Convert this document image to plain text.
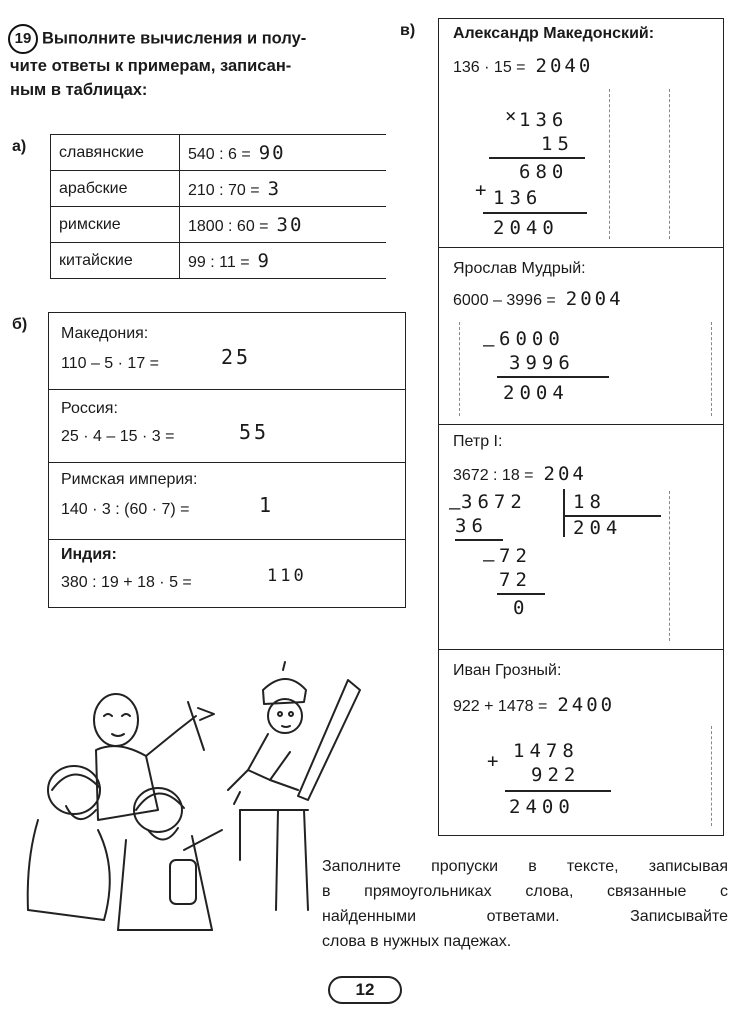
19 Выполните вычисления и полу-
чите ответы к примерам, записан-
ным в таблицах:
а) славянские	540 : 6 = 90
арабские	210 : 70 = 3
римские	1800 : 60 = 30
китайские	99 : 11 = 9
б)
Македония:
110 – 5 · 17 =	25
Россия:
25 · 4 – 15 · 3 =	55
Римская империя:
140 · 3 : (60 · 7) =	1
Индия:
380 : 19 + 18 · 5 =	110
в) Александр Македонский:
136 · 15 = 2040
×
136
15
680
+ 136
2040
Ярослав Мудрый:
6000 – 3996 = 2004
– 6000
3996
2004
Петр I:
3672 : 18 = 204
–
3672 18
204
36
– 72
72
0
Иван Грозный:
922 + 1478 = 2400
+ 1478
922
2400
Заполните пропуски в тексте, записывая
в прямоугольниках слова, связанные с
найденными ответами. Записывайте
слова в нужных падежах.
12
